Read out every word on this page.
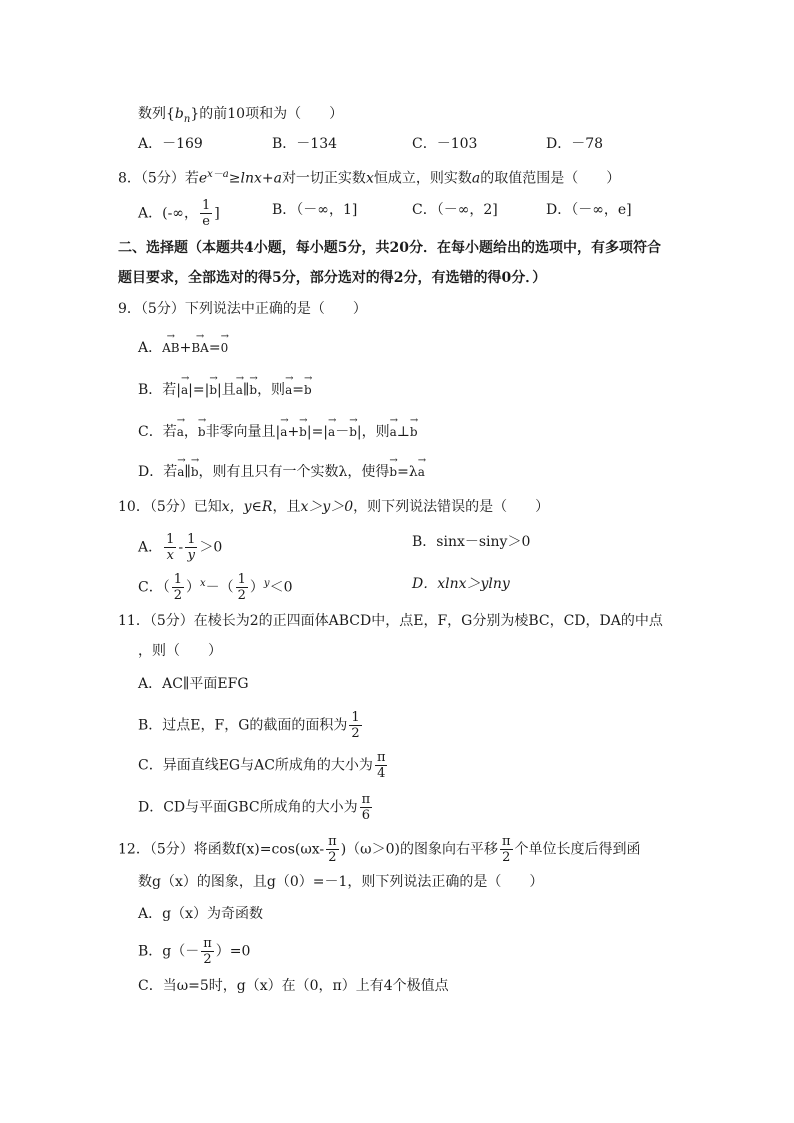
数列$\{b_n\}$的前10项和为（　　）
A．－169	B．－134	C．－103	D．－78
8．（5分）若$e^{x-a}\ge\ln x+a$对一切正实数x恒成立，则实数a的取值范围是（　　）
A．(-∞， $\frac{1}{e}$ ]	B．（－∞，1]	C．（－∞，2]	D．（－∞，e]
二、选择题（本题共4小题，每小题5分，共20分．在每小题给出的选项中，有多项符合
题目要求，全部选对的得5分，部分选对的得2分，有选错的得0分．）
9．（5分）下列说法中正确的是（　　）
A．→ AB+→ BA=→ 0
B．若|→ a|=|→ b|且→ a∥→ b，则→ a=→ b
C．若→ a，→ b非零向量且|→ a+→ b|=|→ a－→ b|，则→ a⊥→ b
D．若→ a∥→ b，则有且只有一个实数λ，使得→ b=λ→ a
10．（5分）已知x，y∈R，且x＞y＞0，则下列说法错误的是（　　）
A． $\frac{1}{x} - \frac{1}{y} >0$	B．sinx－siny＞0
C．（ $\frac{1}{2} )^x-( \frac{1}{2} )^y<0$	D．xlnx＞ylny
11．（5分）在棱长为2的正四面体ABCD中，点E，F，G分别为棱BC，CD，DA的中点
，则（　　）
A．AC∥平面EFG
B．过点E，F，G的截面的面积为 $\frac{1}{2}$
C．异面直线EG与AC所成角的大小为 $\frac{\pi}{4}$
D．CD与平面GBC所成角的大小为 $\frac{\pi}{6}$
12．（5分）将函数$f(x)=\cos(\omega x- \frac{\pi}{2} )(\omega>0)$的图象向右平移 $\frac{\pi}{2}$ 个单位长度后得到函
数g（x）的图象，且g（0）=－1，则下列说法正确的是（　　）
A．g（x）为奇函数
B．$g(- \frac{\pi}{2} )=0$
C．当ω=5时，g（x）在（0，π）上有4个极值点
